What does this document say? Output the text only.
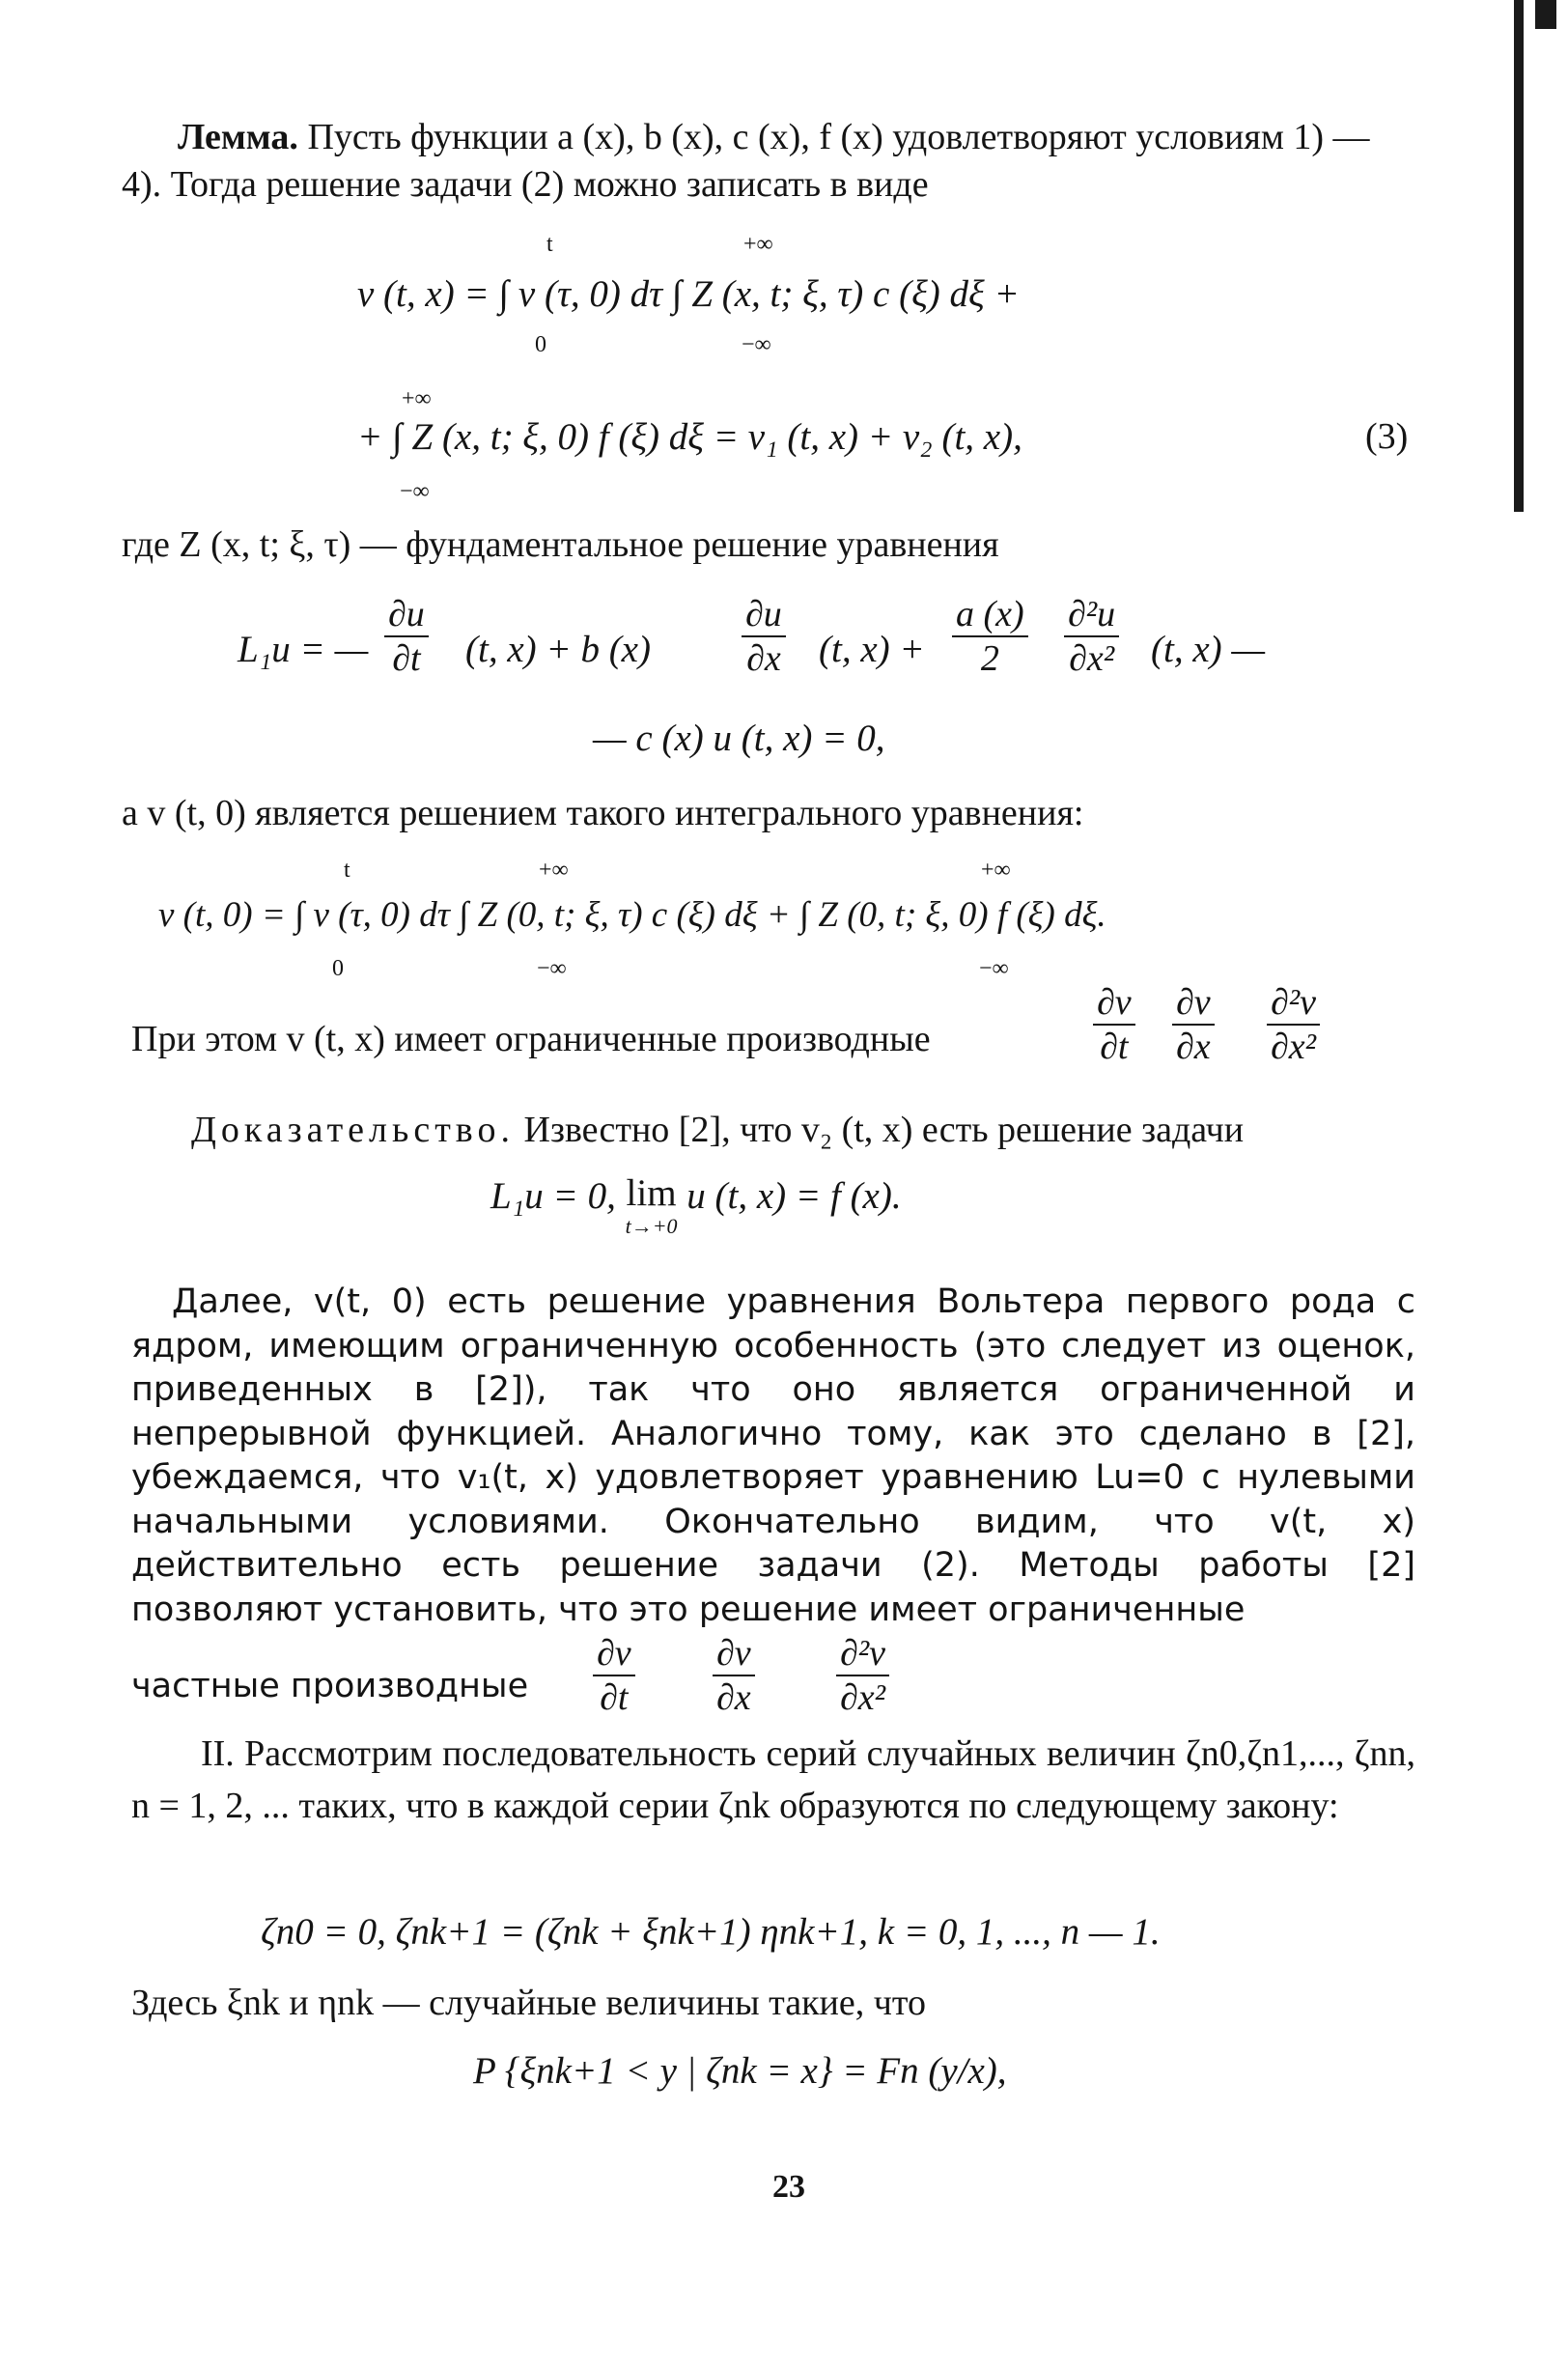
Лемма. Пусть функции a (x), b (x), c (x), f (x) удовлетворяют условиям 1) — 4). Тогда решение задачи (2) можно записать в виде

t	+∞
v (t, x) = ∫ v (τ, 0) dτ ∫ Z (x, t; ξ, τ) c (ξ) dξ +
0	−∞
+∞
+ ∫ Z (x, t; ξ, 0) f (ξ) dξ = v₁ (t, x) + v₂ (t, x),	(3)
−∞

где Z (x, t; ξ, τ) — фундаментальное решение уравнения

L₁u = — $\frac{\partial u}{\partial t} (t$, x) + b $(x) \frac{\partial u}{\partial x} (t$, $x) + \frac{a (x)}{2} \frac{\text{∂²u}}{\text{∂x²}} (t$, x) —
— c (x) u (t, x) = 0,

а v (t, 0) является решением такого интегрального уравнения:

t	+∞	+∞
v (t, 0) = ∫ v (τ, 0) dτ ∫ Z (0, t; ξ, τ) c (ξ) dξ + ∫ Z (0, t; ξ, 0) f (ξ) dξ.
0	−∞	−∞

При этом v (t, x) имеет ограниченные производные	$\frac{\partial v}{\partial t} \frac{\partial v}{\partial x} \frac{\text{∂²v}}{\text{∂x²}}$

Доказательство. Известно [2], что v₂ (t, x) есть решение задачи

L₁u = 0, lim
t→+0
u (t, x) = f (x).

Далее, v(t, 0) есть решение уравнения Вольтера первого рода с ядром, имеющим ограниченную особенность (это следует из оценок, приведенных в [2]), так что оно является ограниченной и непрерывной функцией. Аналогично тому, как это сделано в [2], убеждаемся, что v₁(t, x) удовлетворяет уравнению Lu=0 с нулевыми начальными условиями. Окончательно видим, что v(t, x) действительно есть решение задачи (2). Методы работы [2] позволяют установить, что это решение имеет ограниченные

частные производные $\frac{\partial v}{\partial t} \frac{\partial v}{\partial x} \frac{\text{∂²v}}{\text{∂x²}}$

II. Рассмотрим последовательность серий случайных величин ζn0,ζn1,..., ζnn, n = 1, 2, ... таких, что в каждой серии ζnk образуются по следующему закону:

ζn0 = 0, ζnk+1 = (ζnk + ξnk+1) ηnk+1, k = 0, 1, ..., n — 1.

Здесь ξnk и ηnk — случайные величины такие, что

P {ξnk+1 < y | ζnk = x} = Fn (y/x),
23
